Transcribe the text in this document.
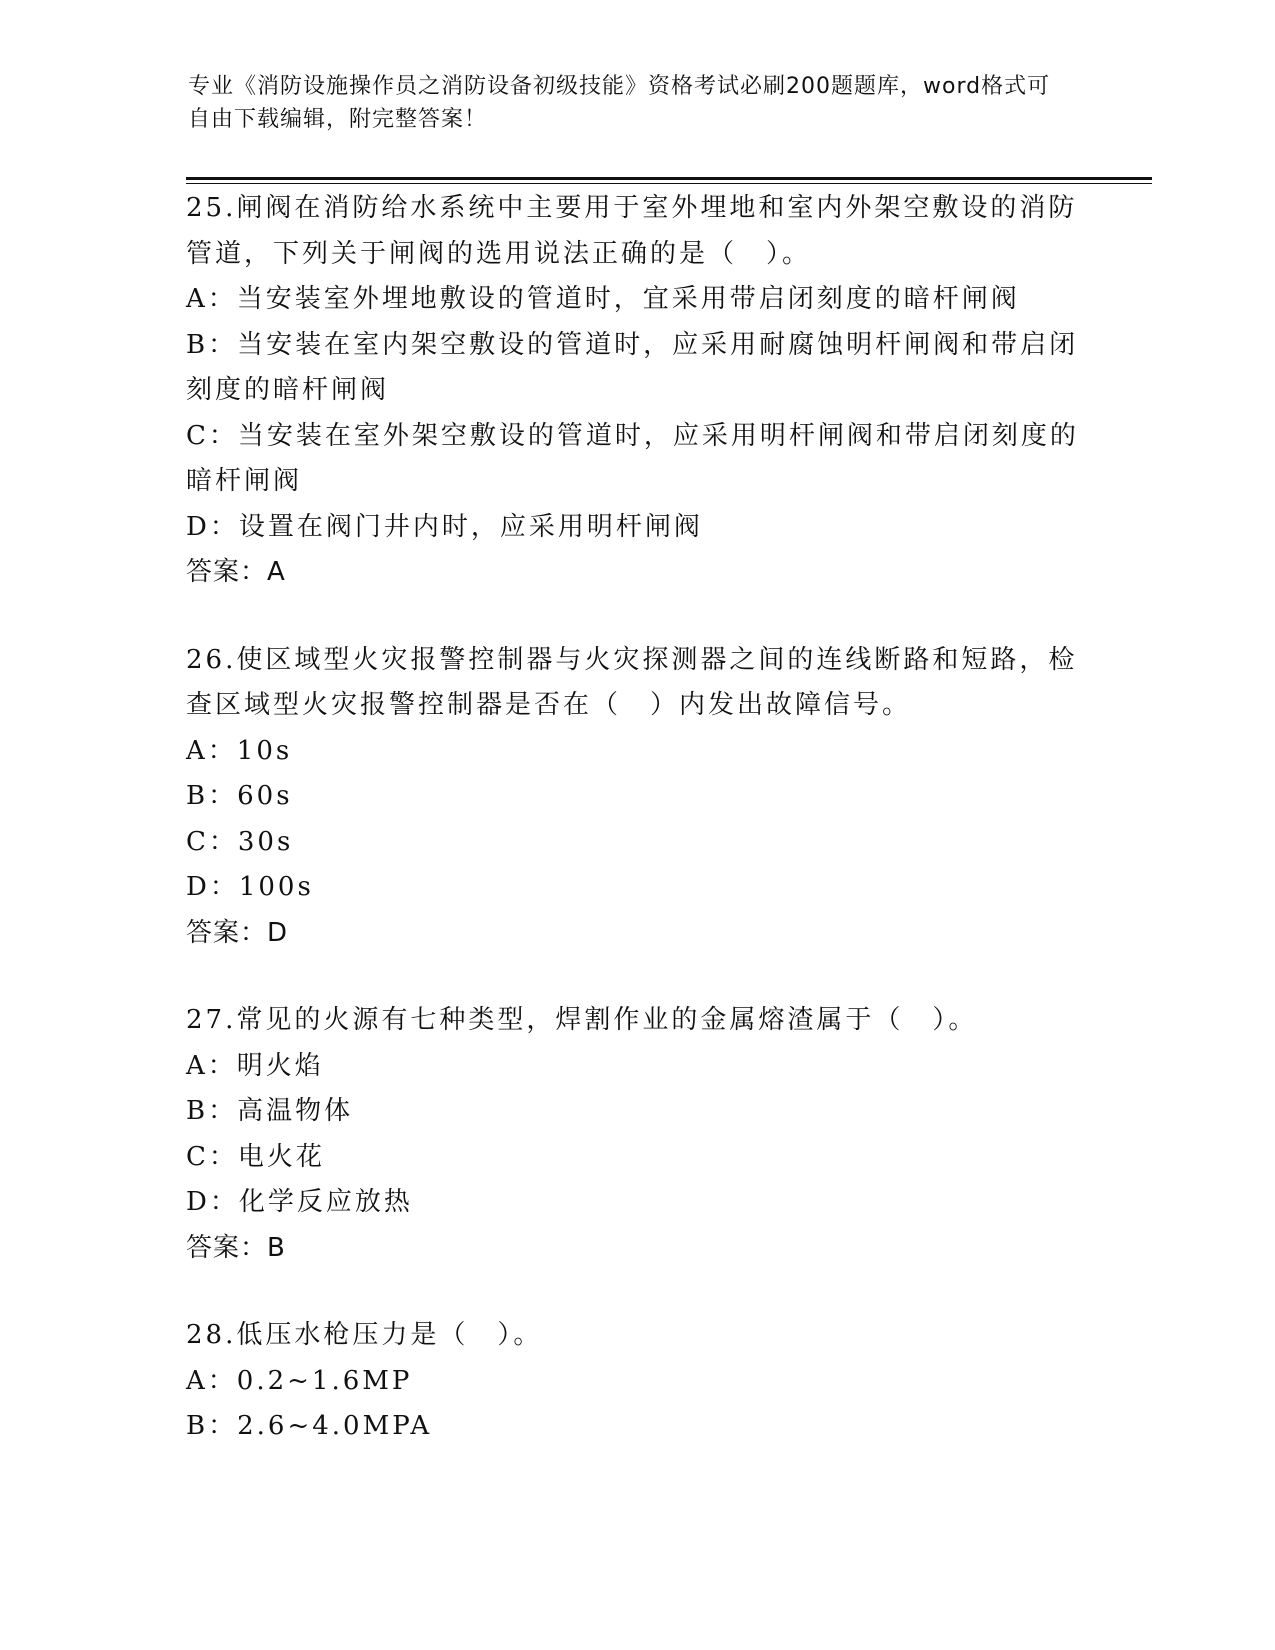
专业《消防设施操作员之消防设备初级技能》资格考试必刷200题题库，word格式可自由下载编辑，附完整答案！
25.闸阀在消防给水系统中主要用于室外埋地和室内外架空敷设的消防
管道，下列关于闸阀的选用说法正确的是（　）。
A：当安装室外埋地敷设的管道时，宜采用带启闭刻度的暗杆闸阀
B：当安装在室内架空敷设的管道时，应采用耐腐蚀明杆闸阀和带启闭
刻度的暗杆闸阀
C：当安装在室外架空敷设的管道时，应采用明杆闸阀和带启闭刻度的
暗杆闸阀
D：设置在阀门井内时，应采用明杆闸阀
答案：A
26.使区域型火灾报警控制器与火灾探测器之间的连线断路和短路，检
查区域型火灾报警控制器是否在（　）内发出故障信号。
A：10s
B：60s
C：30s
D：100s
答案：D
27.常见的火源有七种类型，焊割作业的金属熔渣属于（　）。
A：明火焰
B：高温物体
C：电火花
D：化学反应放热
答案：B
28.低压水枪压力是（　）。
A：0.2~1.6MP
B：2.6~4.0MPA
